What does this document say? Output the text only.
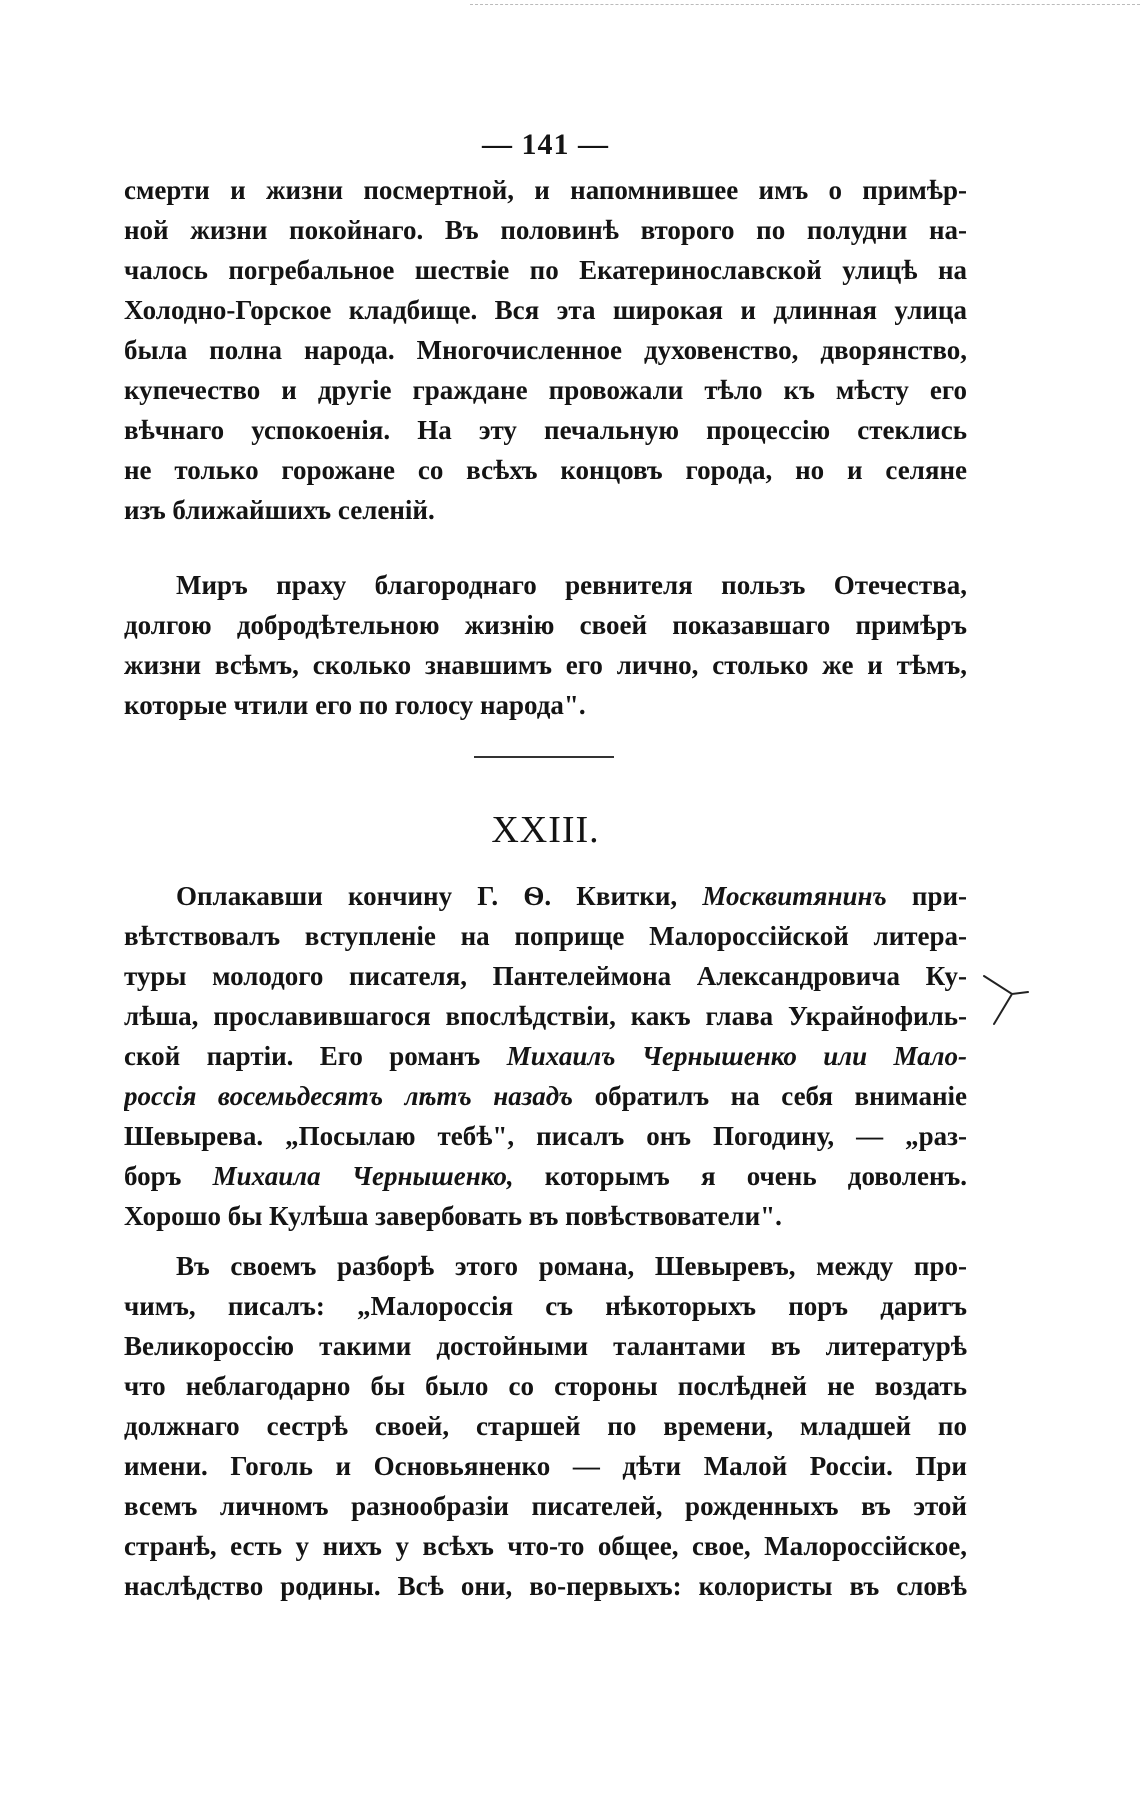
— 141 —
смерти и жизни посмертной, и напомнившее имъ о примѣр-
ной жизни покойнаго. Въ половинѣ второго по полудни на-
чалось погребальное шествіе по Екатеринославской улицѣ на
Холодно-Горское кладбище. Вся эта широкая и длинная улица
была полна народа. Многочисленное духовенство, дворянство,
купечество и другіе граждане провожали тѣло къ мѣсту его
вѣчнаго успокоенія. На эту печальную процессію стеклись
не только горожане со всѣхъ концовъ города, но и селяне
изъ ближайшихъ селеній.
Миръ праху благороднаго ревнителя пользъ Отечества,
долгою добродѣтельною жизнію своей показавшаго примѣръ
жизни всѣмъ, сколько знавшимъ его лично, столько же и тѣмъ,
которые чтили его по голосу народа".
XXIII.
Оплакавши кончину Г. Ѳ. Квитки, Москвитянинъ при-
вѣтствовалъ вступленіе на поприще Малороссійской литера-
туры молодого писателя, Пантелеймона Александровича Ку-
лѣша, прославившагося впослѣдствіи, какъ глава Украйнофиль-
ской партіи. Его романъ Михаилъ Чернышенко или Мало-
россія восемьдесятъ лѣтъ назадъ обратилъ на себя вниманіе
Шевырева. „Посылаю тебѣ", писалъ онъ Погодину, — „раз-
боръ Михаила Чернышенко, которымъ я очень доволенъ.
Хорошо бы Кулѣша завербовать въ повѣствователи".
Въ своемъ разборѣ этого романа, Шевыревъ, между про-
чимъ, писалъ: „Малороссія съ нѣкоторыхъ поръ даритъ
Великороссію такими достойными талантами въ литературѣ
что неблагодарно бы было со стороны послѣдней не воздать
должнаго сестрѣ своей, старшей по времени, младшей по
имени. Гоголь и Основьяненко — дѣти Малой Россіи. При
всемъ личномъ разнообразіи писателей, рожденныхъ въ этой
странѣ, есть у нихъ у всѣхъ что-то общее, свое, Малороссійское,
наслѣдство родины. Всѣ они, во-первыхъ: колористы въ словѣ
